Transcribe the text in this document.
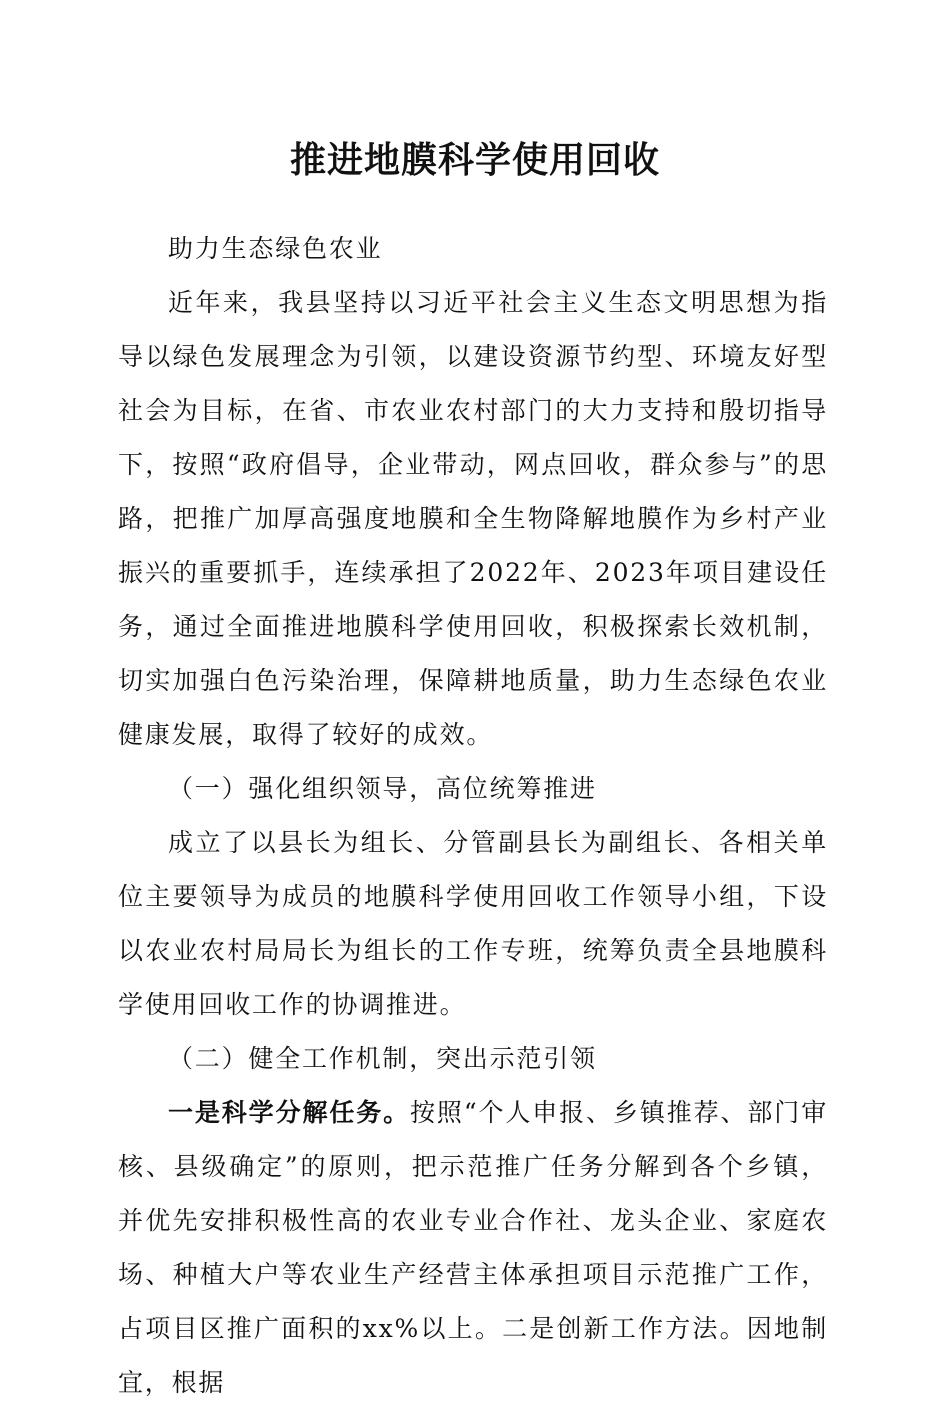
推进地膜科学使用回收

助力生态绿色农业

近年来，我县坚持以习近平社会主义生态文明思想为指导以绿色发展理念为引领，以建设资源节约型、环境友好型社会为目标，在省、市农业农村部门的大力支持和殷切指导下，按照“政府倡导，企业带动，网点回收，群众参与”的思路，把推广加厚高强度地膜和全生物降解地膜作为乡村产业振兴的重要抓手，连续承担了2022年、2023年项目建设任务，通过全面推进地膜科学使用回收，积极探索长效机制，切实加强白色污染治理，保障耕地质量，助力生态绿色农业健康发展，取得了较好的成效。

（一）强化组织领导，高位统筹推进

成立了以县长为组长、分管副县长为副组长、各相关单位主要领导为成员的地膜科学使用回收工作领导小组，下设以农业农村局局长为组长的工作专班，统筹负责全县地膜科学使用回收工作的协调推进。

（二）健全工作机制，突出示范引领

一是科学分解任务。按照“个人申报、乡镇推荐、部门审核、县级确定”的原则，把示范推广任务分解到各个乡镇，并优先安排积极性高的农业专业合作社、龙头企业、家庭农场、种植大户等农业生产经营主体承担项目示范推广工作，占项目区推广面积的xx%以上。二是创新工作方法。因地制宜，根据
